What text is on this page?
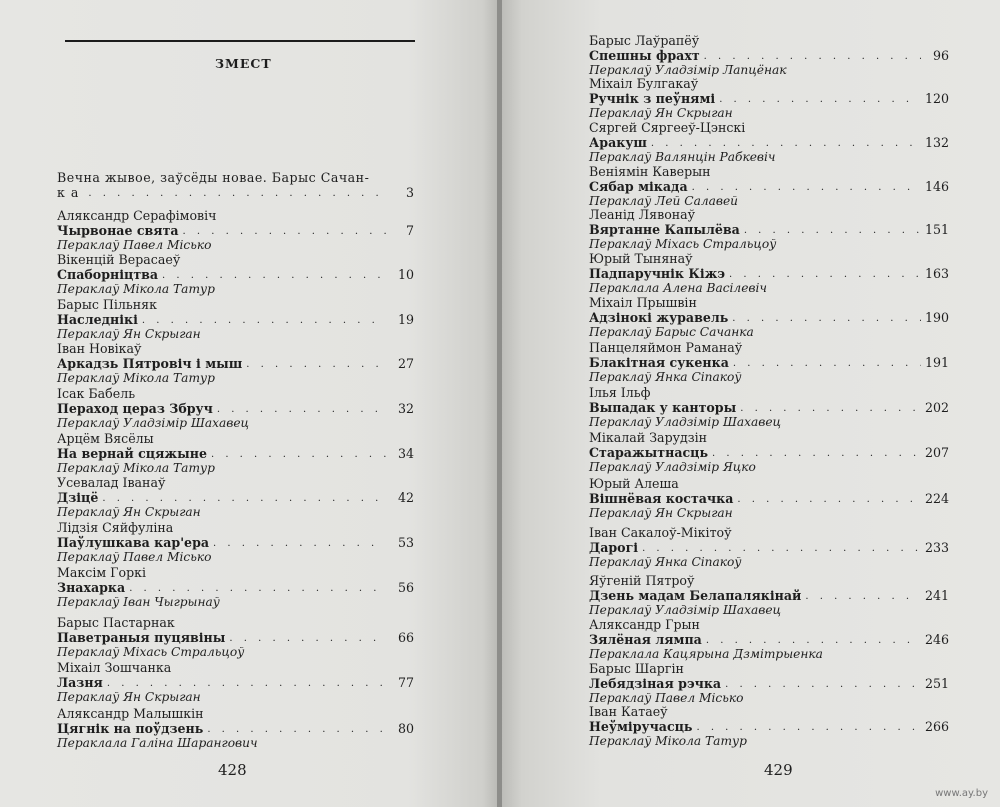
ЗМЕСТ
Вечна жывое, заўсёды новае. Барыс Сачан-
ка . . .	3
Аляксандр Серафімовіч
Чырвонае свята . . .	7
Пераклаў Павел Місько
Вікенцій Верасаеў
Спаборніцтва . . .	10
Пераклаў Мікола Татур
Барыс Пільняк
Наследнікі . . .	19
Пераклаў Ян Скрыган
Іван Новікаў
Аркадзь Пятровіч і мыш . . .	27
Пераклаў Мікола Татур
Ісак Бабель
Пераход цераз Збруч . . .	32
Пераклаў Уладзімір Шахавец
Арцём Вясёлы
На вернай сцяжыне . . .	34
Пераклаў Мікола Татур
Усевалад Іванаў
Дзіцё . . .	42
Пераклаў Ян Скрыган
Лідзія Сяйфуліна
Паўлушкава кар'ера . . .	53
Пераклаў Павел Місько
Максім Горкі
Знахарка . . .	56
Пераклаў Іван Чыгрынаў
Барыс Пастарнак
Паветраныя пуцявіны . . .	66
Пераклаў Міхась Стральцоў
Міхаіл Зошчанка
Лазня . . .	77
Пераклаў Ян Скрыган
Аляксандр Малышкін
Цягнік на поўдзень . . .	80
Пераклала Галіна Шарангович
428
Барыс Лаўрапёў
Спешны фрахт . . .	96
Пераклаў Уладзімір Лапцёнак
Міхаіл Булгакаў
Ручнік з пеўнямі . . .	120
Пераклаў Ян Скрыган
Сяргей Сяргееў-Цэнскі
Аракуш . . .	132
Пераклаў Валянцін Рабкевіч
Веніямін Каверын
Сябар мікада . . .	146
Пераклаў Лей Салавей
Леанід Лявонаў
Вяртанне Капылёва . . .	151
Пераклаў Міхась Стральцоў
Юрый Тынянаў
Падпаручнік Кіжэ . . .	163
Пераклала Алена Васілевіч
Міхаіл Прышвін
Адзінокі журавель . . .	190
Пераклаў Барыс Сачанка
Панцеляймон Раманаў
Блакітная сукенка . . .	191
Пераклаў Янка Сіпакоў
Ілья Ільф
Выпадак у канторы . . .	202
Пераклаў Уладзімір Шахавец
Мікалай Зарудзін
Старажытнасць . . .	207
Пераклаў Уладзімір Яцко
Юрый Алеша
Вішнёвая костачка . . .	224
Пераклаў Ян Скрыган
Іван Сакалоў-Мікітоў
Дарогі . . .	233
Пераклаў Янка Сіпакоў
Яўгеній Пятроў
Дзень мадам Белапалякінай . . .	241
Пераклаў Уладзімір Шахавец
Аляксандр Грын
Зялёная лямпа . . .	246
Пераклала Кацярына Дзмітрыенка
Барыс Шаргін
Лебядзіная рэчка . . .	251
Пераклаў Павел Місько
Іван Катаеў
Неўміручасць . . .	266
Пераклаў Мікола Татур
429
www.ay.by
